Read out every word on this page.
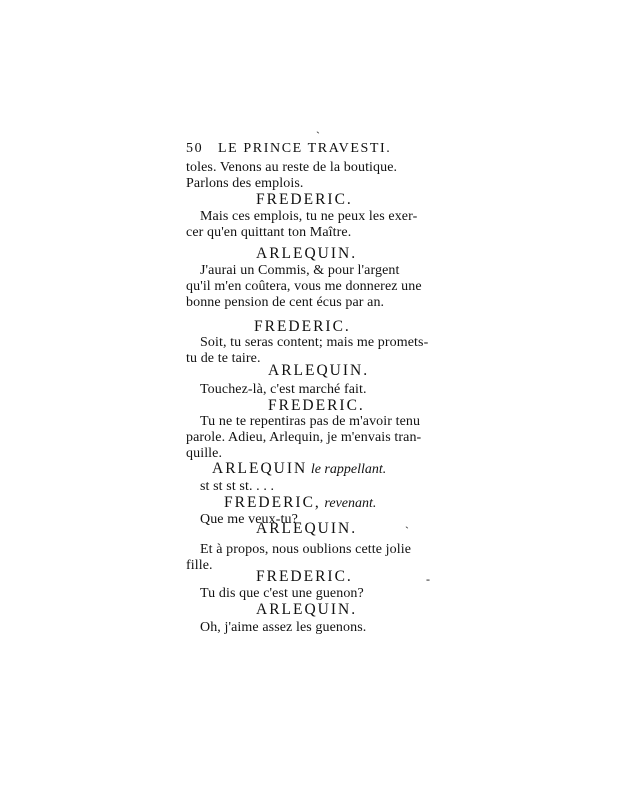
ˋ
50 LE PRINCE TRAVESTI.
toles. Venons au reste de la boutique.
Parlons des emplois.
FREDERIC.
Mais ces emplois, tu ne peux les exer-
cer qu'en quittant ton Maître.
ARLEQUIN.
J'aurai un Commis, & pour l'argent
qu'il m'en coûtera, vous me donnerez une
bonne pension de cent écus par an.
FREDERIC.
Soit, tu seras content; mais me promets-
tu de te taire.
ARLEQUIN.
Touchez-là, c'est marché fait.
FREDERIC.
Tu ne te repentiras pas de m'avoir tenu
parole. Adieu, Arlequin, je m'envais tran-
quille.
ARLEQUIN le rappellant.
st st st st. . . .
FREDERIC, revenant.
Que me veux-tu?
ˋ
ARLEQUIN.
Et à propos, nous oublions cette jolie
fille.
FREDERIC.	-
Tu dis que c'est une guenon?
ARLEQUIN.
Oh, j'aime assez les guenons.
